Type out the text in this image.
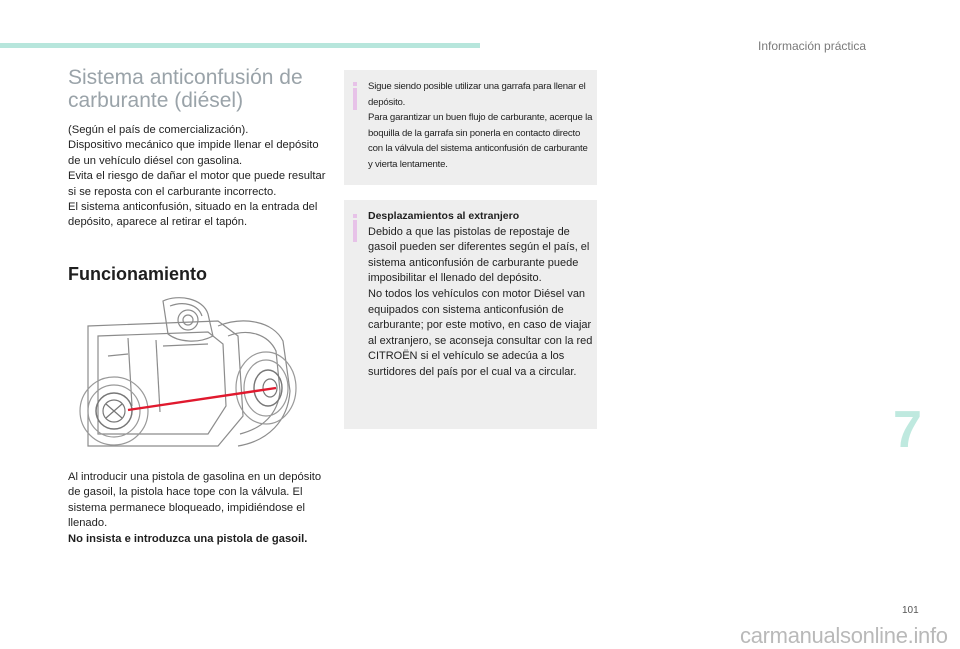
Información práctica
Sistema anticonfusión de carburante (diésel)

(Según el país de comercialización).

Dispositivo mecánico que impide llenar el depósito de un vehículo diésel con gasolina.

Evita el riesgo de dañar el motor que puede resultar si se reposta con el carburante incorrecto.

El sistema anticonfusión, situado en la entrada del depósito, aparece al retirar el tapón.

Funcionamiento

Al introducir una pistola de gasolina en un depósito de gasoil, la pistola hace tope con la válvula. El sistema permanece bloqueado, impidiéndose el llenado.

No insista e introduzca una pistola de gasoil.

Sigue siendo posible utilizar una garrafa para llenar el depósito.

Para garantizar un buen flujo de carburante, acerque la boquilla de la garrafa sin ponerla en contacto directo con la válvula del sistema anticonfusión de carburante y vierta lentamente.

Desplazamientos al extranjero

Debido a que las pistolas de repostaje de gasoil pueden ser diferentes según el país, el sistema anticonfusión de carburante puede imposibilitar el llenado del depósito.

No todos los vehículos con motor Diésel van equipados con sistema anticonfusión de carburante; por este motivo, en caso de viajar al extranjero, se aconseja consultar con la red CITROËN si el vehículo se adecúa a los surtidores del país por el cual va a circular.

7
101
carmanualsonline.info
